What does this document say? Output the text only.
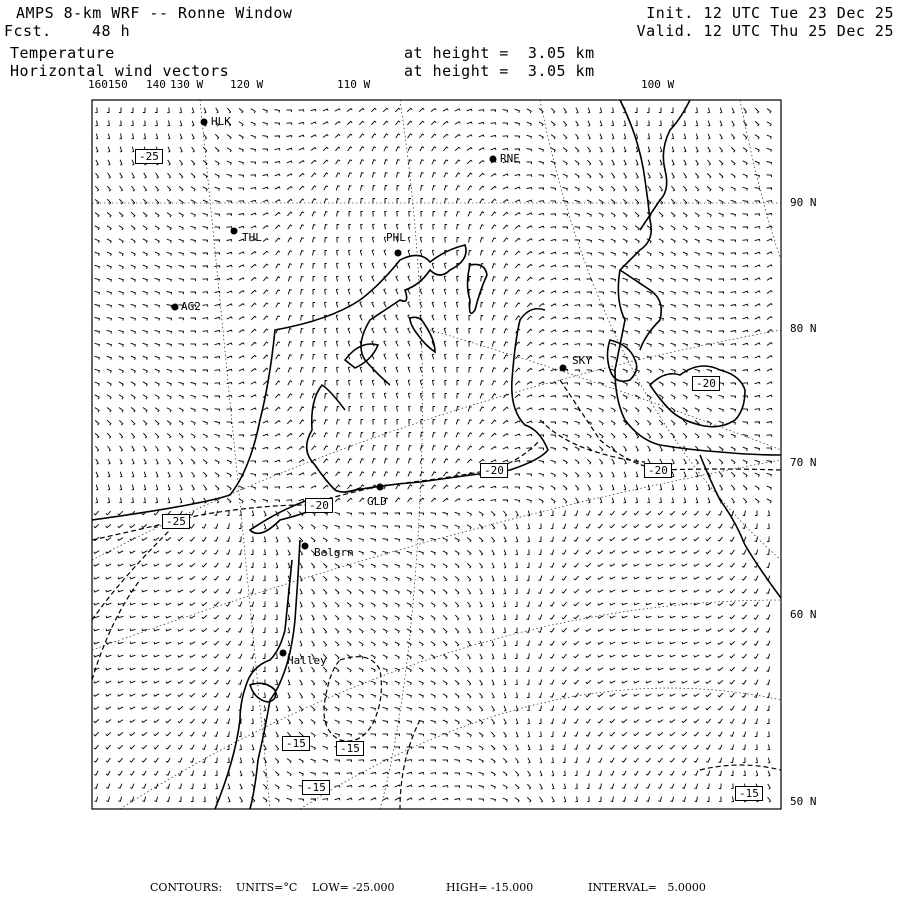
AMPS 8-km WRF -- Ronne Window
Fcst.	48 h
Temperature
Horizontal wind vectors
at height =  3.05 km
at height =  3.05 km
Init. 12 UTC Tue 23 Dec 25
Valid. 12 UTC Thu 25 Dec 25
160150 140 130 W 120 W	110 W	100 W
90 N
80 N
70 N
60 N
50 N
HLK
RNE
THL	PHL
AG2
SKY
GLD
Belgrn
Halley
-25
-20	-20
-20
-20
-25
-15	-15
-15	-15
CONTOURS: UNITS=°C LOW= -25.000	HIGH= -15.000	INTERVAL=   5.0000
